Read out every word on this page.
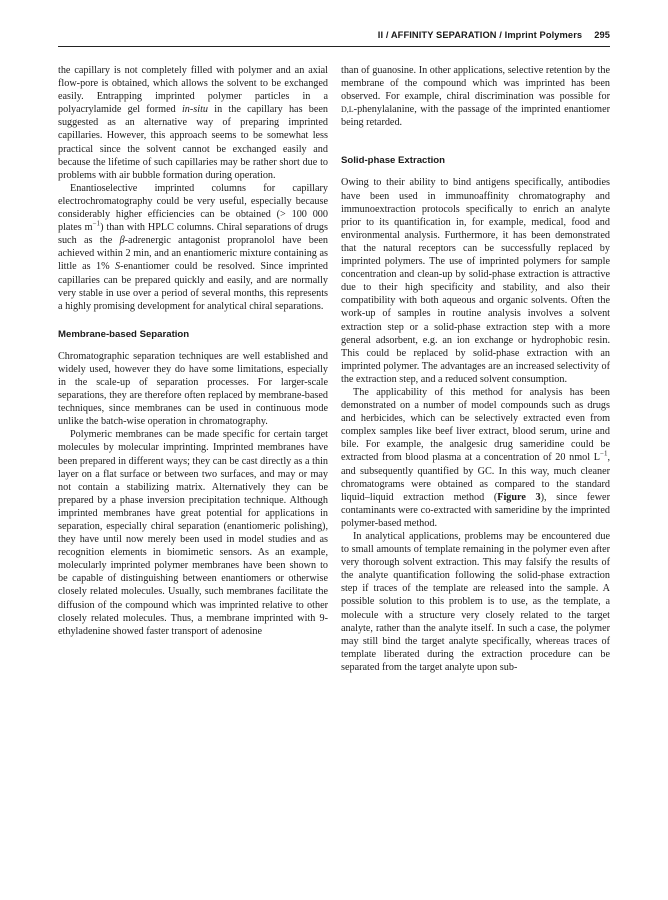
II / AFFINITY SEPARATION / Imprint Polymers 295

the capillary is not completely filled with polymer and an axial flow-pore is obtained, which allows the solvent to be exchanged easily. Entrapping imprinted polymer particles in a polyacrylamide gel formed in-situ in the capillary has been suggested as an alternative way of preparing imprinted capillaries. However, this approach seems to be somewhat less practical since the solvent cannot be exchanged easily and because the lifetime of such capillaries may be rather short due to problems with air bubble formation during operation.

Enantioselective imprinted columns for capillary electrochromatography could be very useful, especially because considerably higher efficiencies can be obtained (> 100 000 plates $m^{-1}$) than with HPLC columns. Chiral separations of drugs such as the β-adrenergic antagonist propranolol have been achieved within 2 min, and an enantiomeric mixture containing as little as 1% S-enantiomer could be resolved. Since imprinted capillaries can be prepared quickly and easily, and are normally very stable in use over a period of several months, this represents a highly promising development for analytical chiral separations.

Membrane-based Separation

Chromatographic separation techniques are well established and widely used, however they do have some limitations, especially in the scale-up of separation processes. For larger-scale separations, they are therefore often replaced by membrane-based techniques, since membranes can be used in continuous mode unlike the batch-wise operation in chromatography.

Polymeric membranes can be made specific for certain target molecules by molecular imprinting. Imprinted membranes have been prepared in different ways; they can be cast directly as a thin layer on a flat surface or between two surfaces, and may or may not contain a stabilizing matrix. Alternatively they can be prepared by a phase inversion precipitation technique. Although imprinted membranes have great potential for applications in separation, especially chiral separation (enantiomeric polishing), they have until now merely been used in model studies and as recognition elements in biomimetic sensors. As an example, molecularly imprinted polymer membranes have been shown to be capable of distinguishing between enantiomers or otherwise closely related molecules. Usually, such membranes facilitate the diffusion of the compound which was imprinted relative to other closely related molecules. Thus, a membrane imprinted with 9-ethyladenine showed faster transport of adenosine

than of guanosine. In other applications, selective retention by the membrane of the compound which was imprinted has been observed. For example, chiral discrimination was possible for D,L-phenylalanine, with the passage of the imprinted enantiomer being retarded.

Solid-phase Extraction

Owing to their ability to bind antigens specifically, antibodies have been used in immunoaffinity chromatography and immunoextraction protocols specifically to enrich an analyte prior to its quantification in, for example, medical, food and environmental analysis. Furthermore, it has been demonstrated that the natural receptors can be successfully replaced by imprinted polymers. The use of imprinted polymers for sample concentration and clean-up by solid-phase extraction is attractive due to their high specificity and stability, and also their compatibility with both aqueous and organic solvents. Often the work-up of samples in routine analysis involves a solvent extraction step or a solid-phase extraction step with a more general adsorbent, e.g. an ion exchange or hydrophobic resin. This could be replaced by solid-phase extraction with an imprinted polymer. The advantages are an increased selectivity of the extraction step, and a reduced solvent consumption.

The applicability of this method for analysis has been demonstrated on a number of model compounds such as drugs and herbicides, which can be selectively extracted even from complex samples like beef liver extract, blood serum, urine and bile. For example, the analgesic drug sameridine could be extracted from blood plasma at a concentration of 20 nmol $L^{-1}$, and subsequently quantified by GC. In this way, much cleaner chromatograms were obtained as compared to the standard liquid–liquid extraction method (Figure 3), since fewer contaminants were co-extracted with sameridine by the imprinted polymer-based method.

In analytical applications, problems may be encountered due to small amounts of template remaining in the polymer even after very thorough solvent extraction. This may falsify the results of the analyte quantification following the solid-phase extraction step if traces of the template are released into the sample. A possible solution to this problem is to use, as the template, a molecule with a structure very closely related to the target analyte, rather than the analyte itself. In such a case, the polymer may still bind the target analyte specifically, whereas traces of template liberated during the extraction procedure can be separated from the target analyte upon sub-
